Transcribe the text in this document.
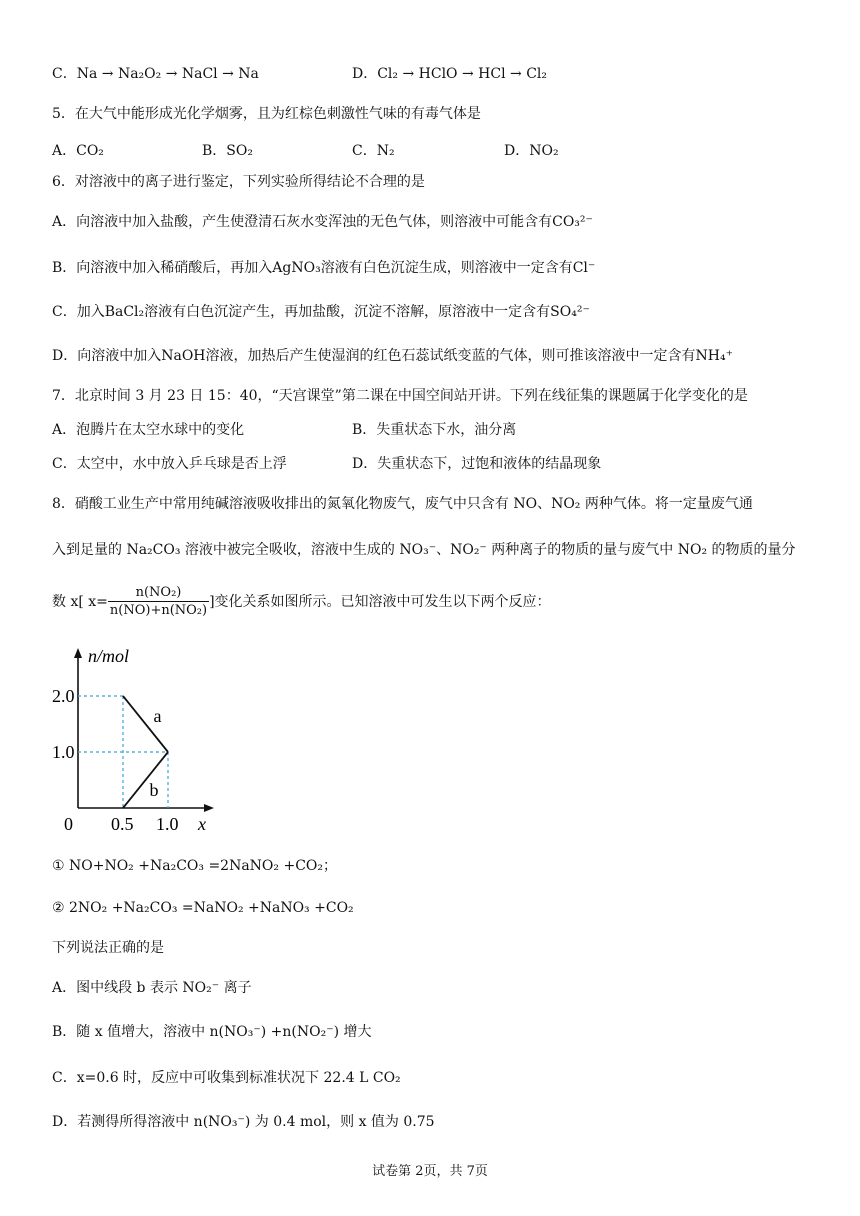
C．Na → Na₂O₂ → NaCl → Na	D．Cl₂ → HClO → HCl → Cl₂
5．在大气中能形成光化学烟雾，且为红棕色刺激性气味的有毒气体是
A．CO₂	B．SO₂	C．N₂	D．NO₂
6．对溶液中的离子进行鉴定，下列实验所得结论不合理的是
A．向溶液中加入盐酸，产生使澄清石灰水变浑浊的无色气体，则溶液中可能含有CO₃²⁻
B．向溶液中加入稀硝酸后，再加入AgNO₃溶液有白色沉淀生成，则溶液中一定含有Cl⁻
C．加入BaCl₂溶液有白色沉淀产生，再加盐酸，沉淀不溶解，原溶液中一定含有SO₄²⁻
D．向溶液中加入NaOH溶液，加热后产生使湿润的红色石蕊试纸变蓝的气体，则可推该溶液中一定含有NH₄⁺
7．北京时间 3 月 23 日 15：40，“天宫课堂”第二课在中国空间站开讲。下列在线征集的课题属于化学变化的是
A．泡腾片在太空水球中的变化	B．失重状态下水，油分离
C．太空中，水中放入乒乓球是否上浮	D．失重状态下，过饱和液体的结晶现象
8．硝酸工业生产中常用纯碱溶液吸收排出的氮氧化物废气，废气中只含有 NO、NO₂ 两种气体。将一定量废气通
入到足量的 Na₂CO₃ 溶液中被完全吸收，溶液中生成的 NO₃⁻、NO₂⁻ 两种离子的物质的量与废气中 NO₂ 的物质的量分
数 x[ $x= \frac{\text{n(NO₂)}}{\text{n(NO)+n(NO₂)}}$ ]变化关系如图所示。已知溶液中可发生以下两个反应：
a
b
1.0
2.0
0.5 1.0
0
n/mol
x
① NO+NO₂ +Na₂CO₃ =2NaNO₂ +CO₂；
② 2NO₂ +Na₂CO₃ =NaNO₂ +NaNO₃ +CO₂
下列说法正确的是
A．图中线段 b 表示 NO₂⁻ 离子
B．随 x 值增大，溶液中 n(NO₃⁻) +n(NO₂⁻) 增大
C．x=0.6 时，反应中可收集到标准状况下 22.4 L CO₂
D．若测得所得溶液中 n(NO₃⁻) 为 0.4 mol，则 x 值为 0.75
试卷第 2页，共 7页
